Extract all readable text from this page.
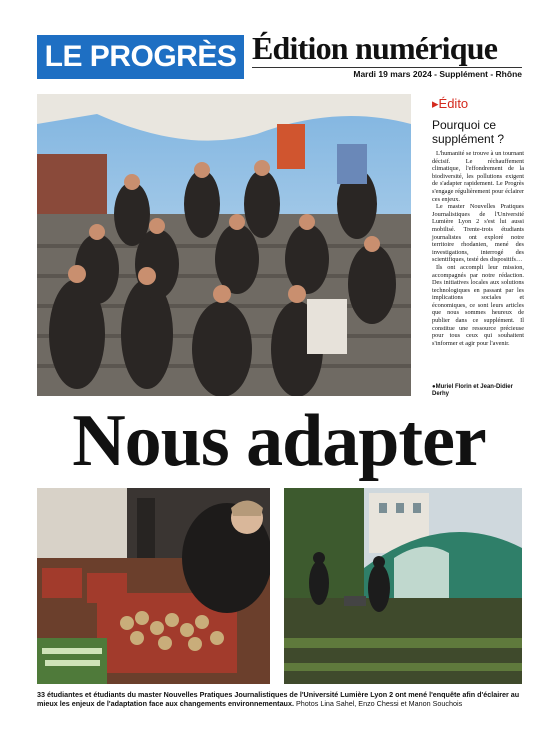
LE PROGRÈS Édition numérique
Mardi 19 mars 2024 - Supplément - Rhône
▸Édito
Pourquoi ce supplément ?

L'humanité se trouve à un tournant décisif. Le réchauffement climatique, l'effondrement de la biodiversité, les pollutions exigent de s'adapter rapidement. Le Progrès s'engage régulièrement pour éclairer ces enjeux.

Le master Nouvelles Pratiques Journalistiques de l'Université Lumière Lyon 2 s'est lui aussi mobilisé. Trente-trois étudiants journalistes ont exploré notre territoire rhodanien, mené des investigations, interrogé des scientifiques, testé des dispositifs…

Ils ont accompli leur mission, accompagnés par notre rédaction. Des initiatives locales aux solutions technologiques en passant par les implications sociales et économiques, ce sont leurs articles que nous sommes heureux de publier dans ce supplément. Il constitue une ressource précieuse pour tous ceux qui souhaitent s'informer et agir pour l'avenir.

●Muriel Florin et Jean-Didier Derhy
Nous adapter
33 étudiantes et étudiants du master Nouvelles Pratiques Journalistiques de l'Université Lumière Lyon 2 ont mené l'enquête afin d'éclairer au mieux les enjeux de l'adaptation face aux changements environnementaux. Photos Lina Sahel, Enzo Chessi et Manon Souchois
